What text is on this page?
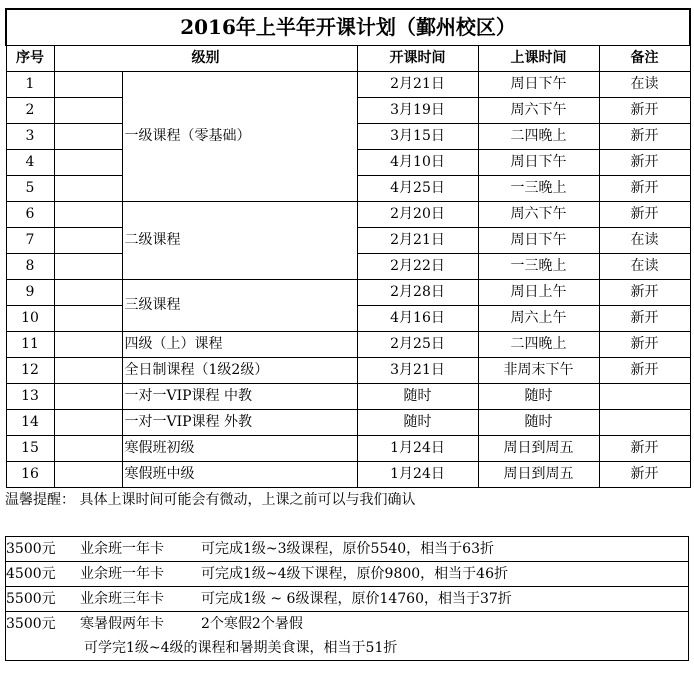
2016年上半年开课计划（鄞州校区）					
序号	级别		开课时间	上课时间	备注
1		一级课程（零基础）	2月21日	周日下午	在读
2			3月19日	周六下午	新开
3			3月15日	二四晚上	新开
4			4月10日	周日下午	新开
5			4月25日	一三晚上	新开
6		二级课程	2月20日	周六下午	新开
7			2月21日	周日下午	在读
8			2月22日	一三晚上	在读
9		三级课程	2月28日	周日上午	新开
10			4月16日	周六上午	新开
11		四级（上）课程	2月25日	二四晚上	新开
12		全日制课程（1级2级）	3月21日	非周末下午	新开
13		一对一VIP课程 中教	随时	随时	
14		一对一VIP课程 外教	随时	随时	
15		寒假班初级	1月24日	周日到周五	新开
16		寒假班中级	1月24日	周日到周五	新开
温馨提醒： 具体上课时间可能会有微动，上课之前可以与我们确认
3500元 业余班一年卡	可完成1级~3级课程，原价5540，相当于63折
4500元 业余班一年卡	可完成1级~4级下课程，原价9800，相当于46折
5500元 业余班三年卡	可完成1级 ~ 6级课程，原价14760，相当于37折
3500元 寒暑假两年卡	2个寒假2个暑假
可学完1级~4级的课程和暑期美食课，相当于51折
